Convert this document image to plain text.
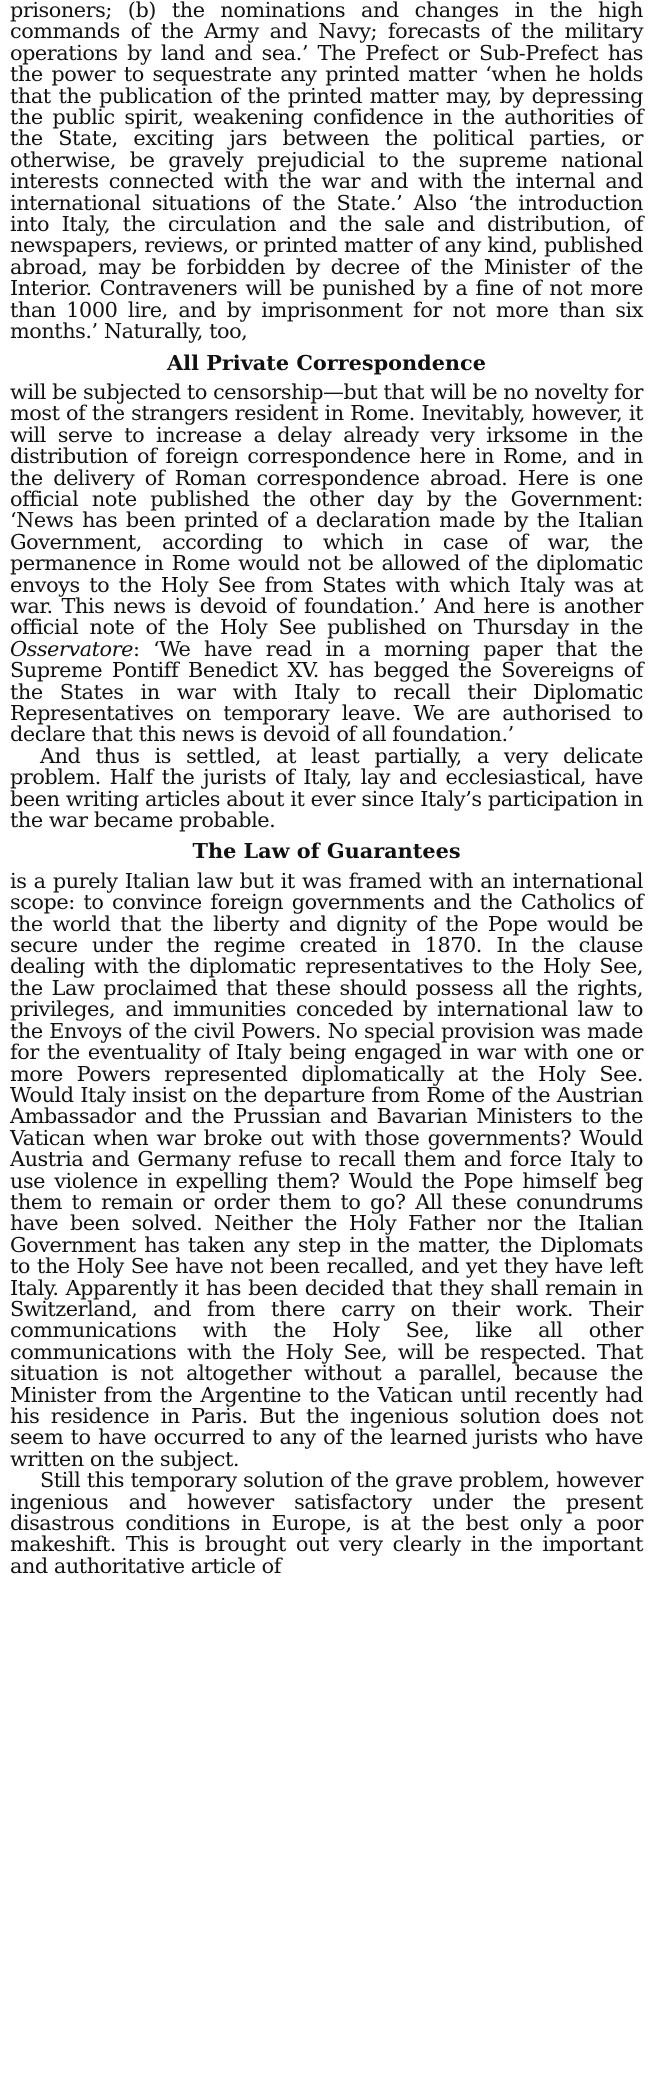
prisoners; (b) the nominations and changes in the high commands of the Army and Navy; forecasts of the military operations by land and sea.’ The Prefect or Sub-Prefect has the power to sequestrate any printed matter ‘when he holds that the publication of the printed matter may, by depressing the public spirit, weakening confidence in the authorities of the State, exciting jars between the political parties, or otherwise, be gravely prejudicial to the supreme national interests connected with the war and with the internal and international situations of the State.’ Also ‘the introduction into Italy, the circulation and the sale and distribution, of newspapers, reviews, or printed matter of any kind, published abroad, may be forbidden by decree of the Minister of the Interior. Contraveners will be punished by a fine of not more than 1000 lire, and by imprisonment for not more than six months.’ Naturally, too,

All Private Correspondence

will be subjected to censorship—but that will be no novelty for most of the strangers resident in Rome. Inevitably, however, it will serve to increase a delay already very irksome in the distribution of foreign correspondence here in Rome, and in the delivery of Roman correspondence abroad. Here is one official note published the other day by the Government: ‘News has been printed of a declaration made by the Italian Government, according to which in case of war, the permanence in Rome would not be allowed of the diplomatic envoys to the Holy See from States with which Italy was at war. This news is devoid of foundation.’ And here is another official note of the Holy See published on Thursday in the Osservatore: ‘We have read in a morning paper that the Supreme Pontiff Benedict XV. has begged the Sovereigns of the States in war with Italy to recall their Diplomatic Representatives on temporary leave. We are authorised to declare that this news is devoid of all foundation.’

And thus is settled, at least partially, a very delicate problem. Half the jurists of Italy, lay and ecclesiastical, have been writing articles about it ever since Italy’s participation in the war became probable.

The Law of Guarantees

is a purely Italian law but it was framed with an international scope: to convince foreign governments and the Catholics of the world that the liberty and dignity of the Pope would be secure under the regime created in 1870. In the clause dealing with the diplomatic representatives to the Holy See, the Law proclaimed that these should possess all the rights, privileges, and immunities conceded by international law to the Envoys of the civil Powers. No special provision was made for the eventuality of Italy being engaged in war with one or more Powers represented diplomatically at the Holy See. Would Italy insist on the departure from Rome of the Austrian Ambassador and the Prussian and Bavarian Ministers to the Vatican when war broke out with those governments? Would Austria and Germany refuse to recall them and force Italy to use violence in expelling them? Would the Pope himself beg them to remain or order them to go? All these conundrums have been solved. Neither the Holy Father nor the Italian Government has taken any step in the matter, the Diplomats to the Holy See have not been recalled, and yet they have left Italy. Apparently it has been decided that they shall remain in Switzerland, and from there carry on their work. Their communications with the Holy See, like all other communications with the Holy See, will be respected. That situation is not altogether without a parallel, because the Minister from the Argentine to the Vatican until recently had his residence in Paris. But the ingenious solution does not seem to have occurred to any of the learned jurists who have written on the subject.

Still this temporary solution of the grave problem, however ingenious and however satisfactory under the present disastrous conditions in Europe, is at the best only a poor makeshift. This is brought out very clearly in the important and authoritative article of
